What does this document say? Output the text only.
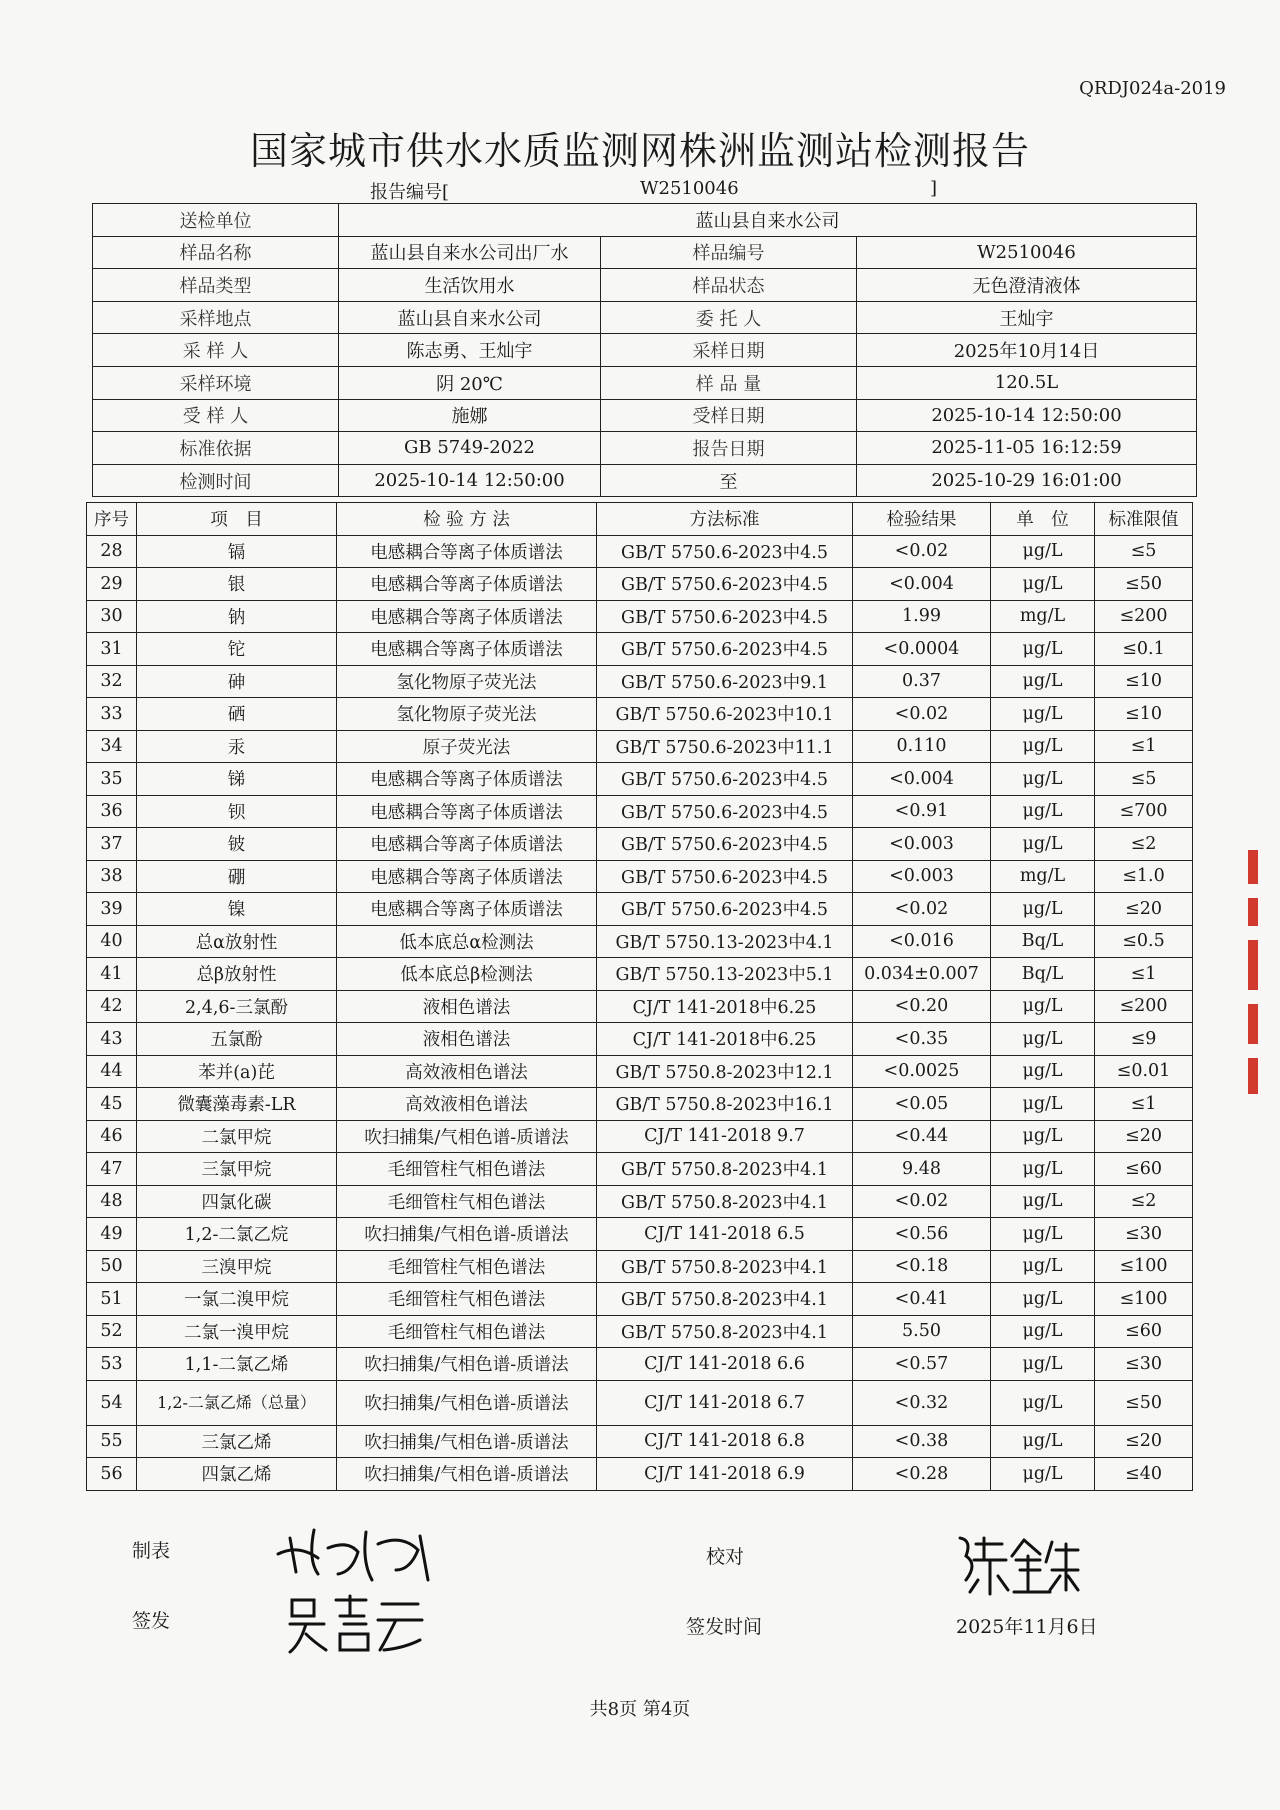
QRDJ024a-2019
国家城市供水水质监测网株洲监测站检测报告
报告编号[	W2510046	]
送检单位	蓝山县自来水公司		
样品名称	蓝山县自来水公司出厂水	样品编号	W2510046
样品类型	生活饮用水	样品状态	无色澄清液体
采样地点	蓝山县自来水公司	委 托 人	王灿宇
采 样 人	陈志勇、王灿宇	采样日期	2025年10月14日
采样环境	阴 20℃	样 品 量	120.5L
受 样 人	施娜	受样日期	2025-10-14 12:50:00
标准依据	GB 5749-2022	报告日期	2025-11-05 16:12:59
检测时间	2025-10-14 12:50:00	至	2025-10-29 16:01:00
序号	项　目	检 验 方 法	方法标准	检验结果	单　位	标准限值
28	镉	电感耦合等离子体质谱法	GB/T 5750.6-2023中4.5	<0.02	μg/L	≤5
29	银	电感耦合等离子体质谱法	GB/T 5750.6-2023中4.5	<0.004	μg/L	≤50
30	钠	电感耦合等离子体质谱法	GB/T 5750.6-2023中4.5	1.99	mg/L	≤200
31	铊	电感耦合等离子体质谱法	GB/T 5750.6-2023中4.5	<0.0004	μg/L	≤0.1
32	砷	氢化物原子荧光法	GB/T 5750.6-2023中9.1	0.37	μg/L	≤10
33	硒	氢化物原子荧光法	GB/T 5750.6-2023中10.1	<0.02	μg/L	≤10
34	汞	原子荧光法	GB/T 5750.6-2023中11.1	0.110	μg/L	≤1
35	锑	电感耦合等离子体质谱法	GB/T 5750.6-2023中4.5	<0.004	μg/L	≤5
36	钡	电感耦合等离子体质谱法	GB/T 5750.6-2023中4.5	<0.91	μg/L	≤700
37	铍	电感耦合等离子体质谱法	GB/T 5750.6-2023中4.5	<0.003	μg/L	≤2
38	硼	电感耦合等离子体质谱法	GB/T 5750.6-2023中4.5	<0.003	mg/L	≤1.0
39	镍	电感耦合等离子体质谱法	GB/T 5750.6-2023中4.5	<0.02	μg/L	≤20
40	总α放射性	低本底总α检测法	GB/T 5750.13-2023中4.1	<0.016	Bq/L	≤0.5
41	总β放射性	低本底总β检测法	GB/T 5750.13-2023中5.1	0.034±0.007	Bq/L	≤1
42	2,4,6-三氯酚	液相色谱法	CJ/T 141-2018中6.25	<0.20	μg/L	≤200
43	五氯酚	液相色谱法	CJ/T 141-2018中6.25	<0.35	μg/L	≤9
44	苯并(a)芘	高效液相色谱法	GB/T 5750.8-2023中12.1	<0.0025	μg/L	≤0.01
45	微囊藻毒素-LR	高效液相色谱法	GB/T 5750.8-2023中16.1	<0.05	μg/L	≤1
46	二氯甲烷	吹扫捕集/气相色谱-质谱法	CJ/T 141-2018 9.7	<0.44	μg/L	≤20
47	三氯甲烷	毛细管柱气相色谱法	GB/T 5750.8-2023中4.1	9.48	μg/L	≤60
48	四氯化碳	毛细管柱气相色谱法	GB/T 5750.8-2023中4.1	<0.02	μg/L	≤2
49	1,2-二氯乙烷	吹扫捕集/气相色谱-质谱法	CJ/T 141-2018 6.5	<0.56	μg/L	≤30
50	三溴甲烷	毛细管柱气相色谱法	GB/T 5750.8-2023中4.1	<0.18	μg/L	≤100
51	一氯二溴甲烷	毛细管柱气相色谱法	GB/T 5750.8-2023中4.1	<0.41	μg/L	≤100
52	二氯一溴甲烷	毛细管柱气相色谱法	GB/T 5750.8-2023中4.1	5.50	μg/L	≤60
53	1,1-二氯乙烯	吹扫捕集/气相色谱-质谱法	CJ/T 141-2018 6.6	<0.57	μg/L	≤30
54	1,2-二氯乙烯（总量）	吹扫捕集/气相色谱-质谱法	CJ/T 141-2018 6.7	<0.32	μg/L	≤50
55	三氯乙烯	吹扫捕集/气相色谱-质谱法	CJ/T 141-2018 6.8	<0.38	μg/L	≤20
56	四氯乙烯	吹扫捕集/气相色谱-质谱法	CJ/T 141-2018 6.9	<0.28	μg/L	≤40
制表	校对
签发	签发时间	2025年11月6日
共8页 第4页
